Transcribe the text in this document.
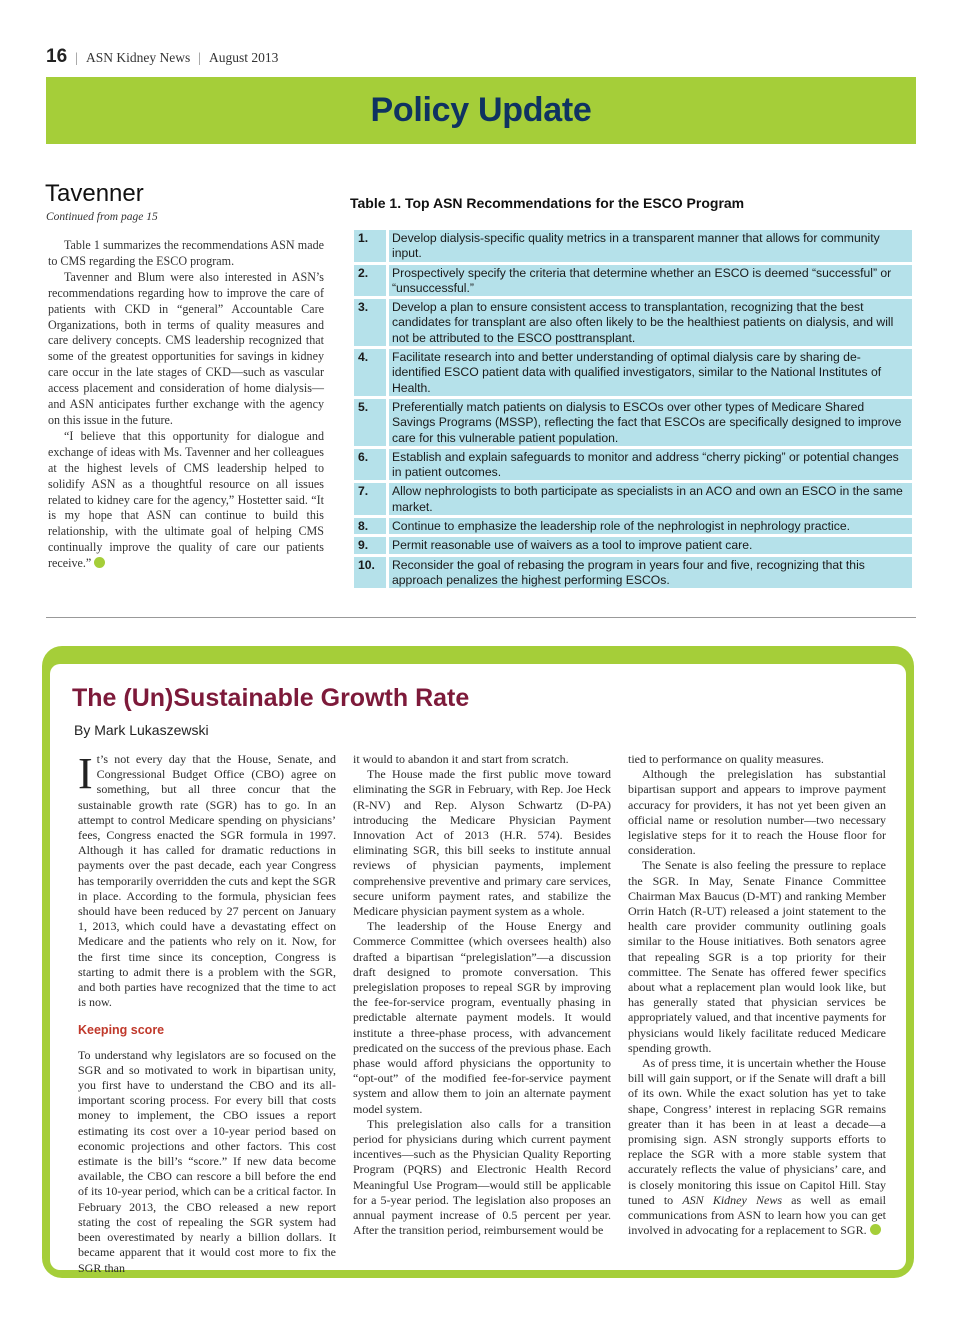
16 | ASN Kidney News | August 2013
Policy Update
Tavenner
Continued from page 15

Table 1 summarizes the recommendations ASN made to CMS regarding the ESCO program.

Tavenner and Blum were also interested in ASN’s recommendations regarding how to improve the care of patients with CKD in “general” Accountable Care Organizations, both in terms of quality measures and care delivery concepts. CMS leadership recognized that some of the greatest opportunities for savings in kidney care occur in the late stages of CKD—such as vascular access placement and consideration of home dialysis—and ASN anticipates further exchange with the agency on this issue in the future.

“I believe that this opportunity for dialogue and exchange of ideas with Ms. Tavenner and her colleagues at the highest levels of CMS leadership helped to solidify ASN as a thoughtful resource on all issues related to kidney care for the agency,” Hostetter said. “It is my hope that ASN can continue to build this relationship, with the ultimate goal of helping CMS continually improve the quality of care our patients receive.”

Table 1. Top ASN Recommendations for the ESCO Program
1.	Develop dialysis-specific quality metrics in a transparent manner that allows for community input.
2.	Prospectively specify the criteria that determine whether an ESCO is deemed “successful” or “unsuccessful.”
3.	Develop a plan to ensure consistent access to transplantation, recognizing that the best candidates for transplant are also often likely to be the healthiest patients on dialysis, and will not be attributed to the ESCO posttransplant.
4.	Facilitate research into and better understanding of optimal dialysis care by sharing de-identified ESCO patient data with qualified investigators, similar to the National Institutes of Health.
5.	Preferentially match patients on dialysis to ESCOs over other types of Medicare Shared Savings Programs (MSSP), reflecting the fact that ESCOs are specifically designed to improve care for this vulnerable patient population.
6.	Establish and explain safeguards to monitor and address “cherry picking” or potential changes in patient outcomes.
7.	Allow nephrologists to both participate as specialists in an ACO and own an ESCO in the same market.
8.	Continue to emphasize the leadership role of the nephrologist in nephrology practice.
9.	Permit reasonable use of waivers as a tool to improve patient care.
10.	Reconsider the goal of rebasing the program in years four and five, recognizing that this approach penalizes the highest performing ESCOs.
The (Un)Sustainable Growth Rate
By Mark Lukaszewski

It’s not every day that the House, Senate, and Congressional Budget Office (CBO) agree on something, but all three concur that the sustainable growth rate (SGR) has to go. In an attempt to control Medicare spending on physicians’ fees, Congress enacted the SGR formula in 1997. Although it has called for dramatic reductions in payments over the past decade, each year Congress has temporarily overridden the cuts and kept the SGR in place. According to the formula, physician fees should have been reduced by 27 percent on January 1, 2013, which could have a devastating effect on Medicare and the patients who rely on it. Now, for the first time since its conception, Congress is starting to admit there is a problem with the SGR, and both parties have recognized that the time to act is now.

Keeping score

To understand why legislators are so focused on the SGR and so motivated to work in bipartisan unity, you first have to understand the CBO and its all-important scoring process. For every bill that costs money to implement, the CBO issues a report estimating its cost over a 10-year period based on economic projections and other factors. This cost estimate is the bill’s “score.” If new data become available, the CBO can rescore a bill before the end of its 10-year period, which can be a critical factor. In February 2013, the CBO released a new report stating the cost of repealing the SGR system had been overestimated by nearly a billion dollars. It became apparent that it would cost more to fix the SGR than

it would to abandon it and start from scratch.

The House made the first public move toward eliminating the SGR in February, with Rep. Joe Heck (R-NV) and Rep. Alyson Schwartz (D-PA) introducing the Medicare Physician Payment Innovation Act of 2013 (H.R. 574). Besides eliminating SGR, this bill seeks to institute annual reviews of physician payments, implement comprehensive preventive and primary care services, secure uniform payment rates, and stabilize the Medicare physician payment system as a whole.

The leadership of the House Energy and Commerce Committee (which oversees health) also drafted a bipartisan “prelegislation”—a discussion draft designed to promote conversation. This prelegislation proposes to repeal SGR by improving the fee-for-service program, eventually phasing in predictable alternate payment models. It would institute a three-phase process, with advancement predicated on the success of the previous phase. Each phase would afford physicians the opportunity to “opt-out” of the modified fee-for-service payment system and allow them to join an alternate payment model system.

This prelegislation also calls for a transition period for physicians during which current payment incentives—such as the Physician Quality Reporting Program (PQRS) and Electronic Health Record Meaningful Use Program—would still be applicable for a 5-year period. The legislation also proposes an annual payment increase of 0.5 percent per year. After the transition period, reimbursement would be

tied to performance on quality measures.

Although the prelegislation has substantial bipartisan support and appears to improve payment accuracy for providers, it has not yet been given an official name or resolution number—two necessary legislative steps for it to reach the House floor for consideration.

The Senate is also feeling the pressure to replace the SGR. In May, Senate Finance Committee Chairman Max Baucus (D-MT) and ranking Member Orrin Hatch (R-UT) released a joint statement to the health care provider community outlining goals similar to the House initiatives. Both senators agree that repealing SGR is a top priority for their committee. The Senate has offered fewer specifics about what a replacement plan would look like, but has generally stated that physician services be appropriately valued, and that incentive payments for physicians would likely facilitate reduced Medicare spending growth.

As of press time, it is uncertain whether the House bill will gain support, or if the Senate will draft a bill of its own. While the exact solution has yet to take shape, Congress’ interest in replacing SGR remains greater than it has been in at least a decade—a promising sign. ASN strongly supports efforts to replace the SGR with a more stable system that accurately reflects the value of physicians’ care, and is closely monitoring this issue on Capitol Hill. Stay tuned to ASN Kidney News as well as email communications from ASN to learn how you can get involved in advocating for a replacement to SGR.
